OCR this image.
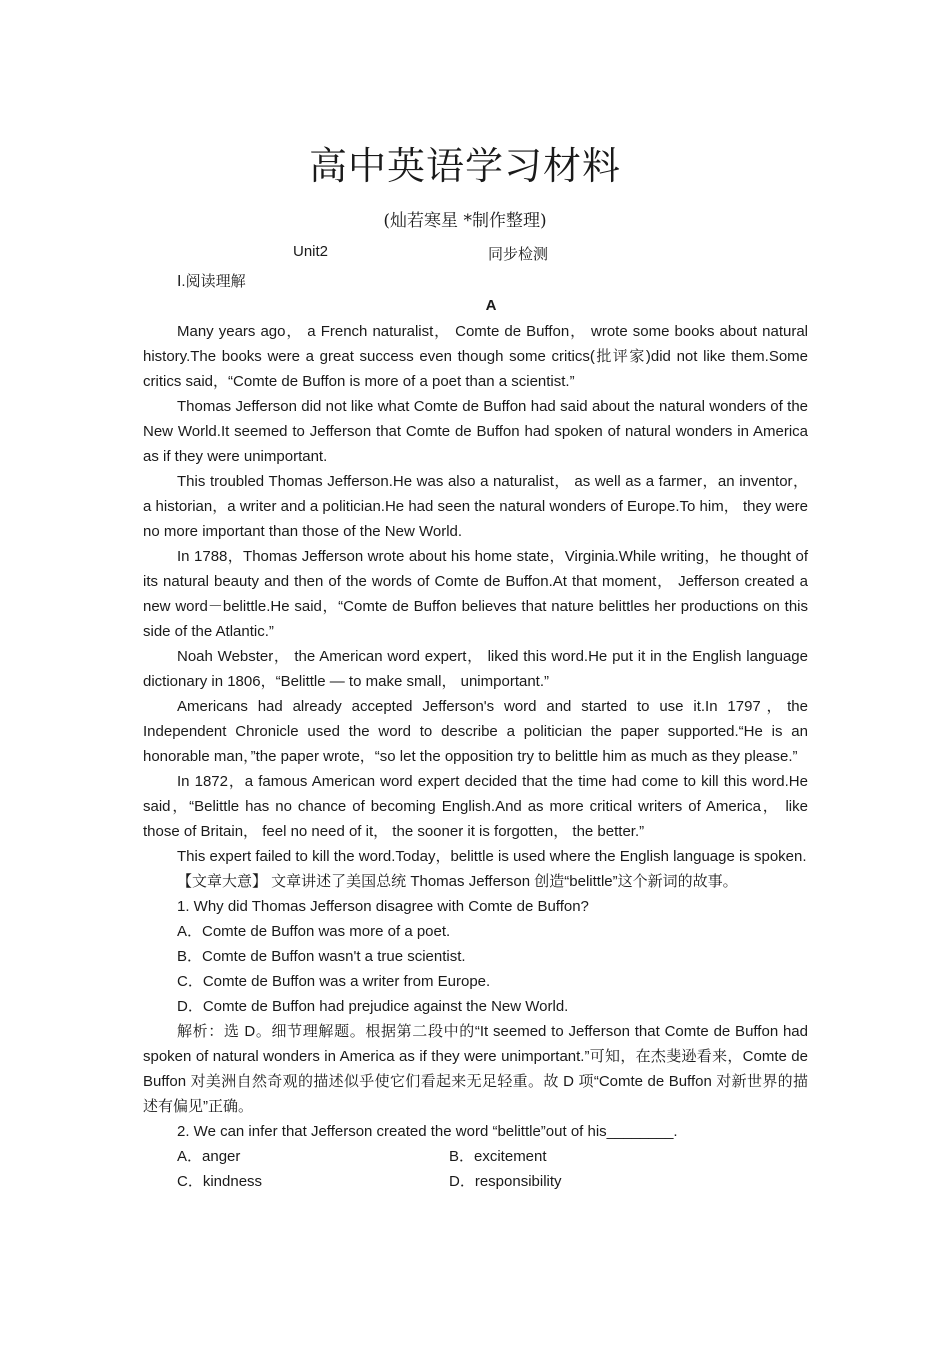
高中英语学习材料
(灿若寒星 *制作整理)
Unit2	同步检测
Ⅰ.阅读理解
A

Many years ago， a French naturalist， Comte de Buffon， wrote some books about natural history.The books were a great success even though some critics(批评家)did not like them.Some critics said，“Comte de Buffon is more of a poet than a scientist.”

Thomas Jefferson did not like what Comte de Buffon had said about the natural wonders of the New World.It seemed to Jefferson that Comte de Buffon had spoken of natural wonders in America as if they were unimportant.

This troubled Thomas Jefferson.He was also a naturalist， as well as a farmer，an inventor，a historian，a writer and a politician.He had seen the natural wonders of Europe.To him， they were no more important than those of the New World.

In 1788，Thomas Jefferson wrote about his home state，Virginia.While writing，he thought of its natural beauty and then of the words of Comte de Buffon.At that moment， Jefferson created a new word－belittle.He said，“Comte de Buffon believes that nature belittles her productions on this side of the Atlantic.”

Noah Webster， the American word expert， liked this word.He put it in the English language dictionary in 1806，“Belittle — to make small， unimportant.”

Americans had already accepted Jefferson's word and started to use it.In 1797，the Independent Chronicle used the word to describe a politician the paper supported.“He is an honorable man，”the paper wrote，“so let the opposition try to belittle him as much as they please.”

In 1872，a famous American word expert decided that the time had come to kill this word.He said，“Belittle has no chance of becoming English.And as more critical writers of America， like those of Britain， feel no need of it， the sooner it is forgotten， the better.”

This expert failed to kill the word.Today，belittle is used where the English language is spoken.

【文章大意】 文章讲述了美国总统 Thomas Jefferson 创造“belittle”这个新词的故事。

1. Why did Thomas Jefferson disagree with Comte de Buffon?

A．Comte de Buffon was more of a poet.

B．Comte de Buffon wasn't a true scientist.

C．Comte de Buffon was a writer from Europe.

D．Comte de Buffon had prejudice against the New World.

解析：选 D。细节理解题。根据第二段中的“It seemed to Jefferson that Comte de Buffon had spoken of natural wonders in America as if they were unimportant.”可知，在杰斐逊看来，Comte de Buffon 对美洲自然奇观的描述似乎使它们看起来无足轻重。故 D 项“Comte de Buffon 对新世界的描述有偏见”正确。

2. We can infer that Jefferson created the word “belittle”out of his________.

A．anger	B．excitement
C．kindness	D．responsibility
